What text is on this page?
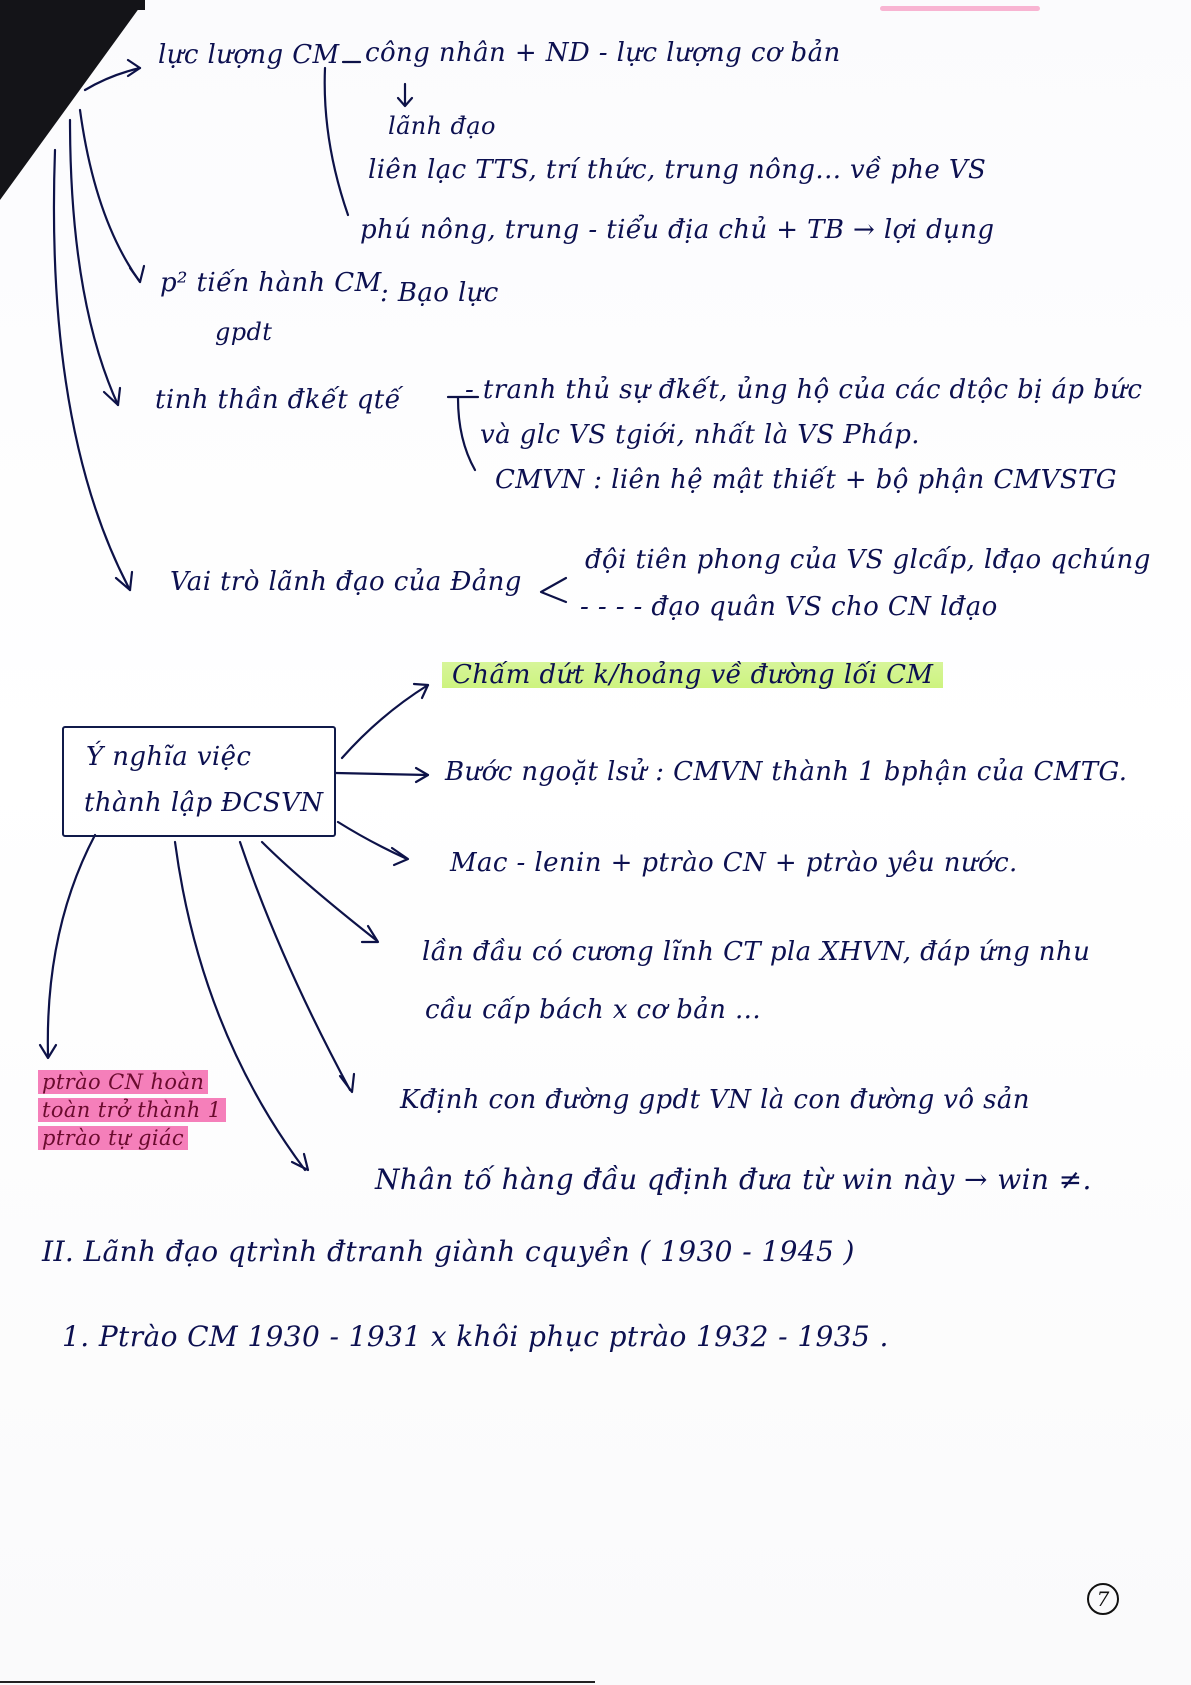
lực lượng CM công nhân + ND - lực lượng cơ bản
lãnh đạo
liên lạc TTS, trí thức, trung nông... về phe VS
phú nông, trung - tiểu địa chủ + TB → lợi dụng
p² tiến hành CM
gpdt
: Bạo lực
tinh thần đkết qtế - tranh thủ sự đkết, ủng hộ của các dtộc bị áp bức
và glc VS tgiới, nhất là VS Pháp.
CMVN : liên hệ mật thiết + bộ phận CMVSTG
Vai trò lãnh đạo của Đảng
đội tiên phong của VS glcấp, lđạo qchúng
- - - - đạo quân VS cho CN lđạo
Ý nghĩa việc
thành lập ĐCSVN
Chấm dứt k/hoảng về đường lối CM
Bước ngoặt lsử : CMVN thành 1 bphận của CMTG.
Mac - lenin + ptrào CN + ptrào yêu nước.
lần đầu có cương lĩnh CT pla XHVN, đáp ứng nhu
cầu cấp bách x cơ bản ...
Kđịnh con đường gpdt VN là con đường vô sản
Nhân tố hàng đầu qđịnh đưa từ win này → win ≠.
ptrào CN hoàn
toàn trở thành 1
ptrào tự giác
II. Lãnh đạo qtrình đtranh giành cquyền ( 1930 - 1945 )
1. Ptrào CM 1930 - 1931 x khôi phục ptrào 1932 - 1935 .
7
